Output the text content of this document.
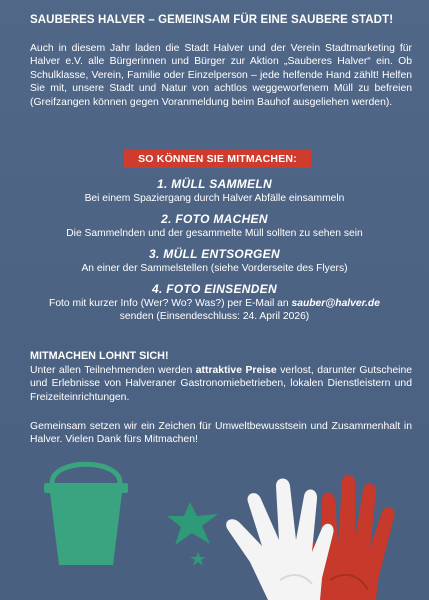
SAUBERES HALVER – GEMEINSAM FÜR EINE SAUBERE STADT!
Auch in diesem Jahr laden die Stadt Halver und der Verein Stadtmarketing für Halver e.V. alle Bürgerinnen und Bürger zur Aktion „Sauberes Halver“ ein. Ob Schulklasse, Verein, Familie oder Einzelperson – jede helfende Hand zählt! Helfen Sie mit, unsere Stadt und Natur von achtlos weggeworfenem Müll zu befreien (Greifzangen können gegen Voranmeldung beim Bauhof ausgeliehen werden).
SO KÖNNEN SIE MITMACHEN:
1. MÜLL SAMMELN
Bei einem Spaziergang durch Halver Abfälle einsammeln
2. FOTO MACHEN
Die Sammelnden und der gesammelte Müll sollten zu sehen sein
3. MÜLL ENTSORGEN
An einer der Sammelstellen (siehe Vorderseite des Flyers)
4. FOTO EINSENDEN
Foto mit kurzer Info (Wer? Wo? Was?) per E-Mail an sauber@halver.de
senden (Einsendeschluss: 24. April 2026)
MITMACHEN LOHNT SICH!
Unter allen Teilnehmenden werden attraktive Preise verlost, darunter Gutscheine und Erlebnisse von Halveraner Gastronomiebetrieben, lokalen Dienstleistern und Freizeiteinrichtungen.
Gemeinsam setzen wir ein Zeichen für Umweltbewusstsein und Zusammenhalt in Halver. Vielen Dank fürs Mitmachen!
